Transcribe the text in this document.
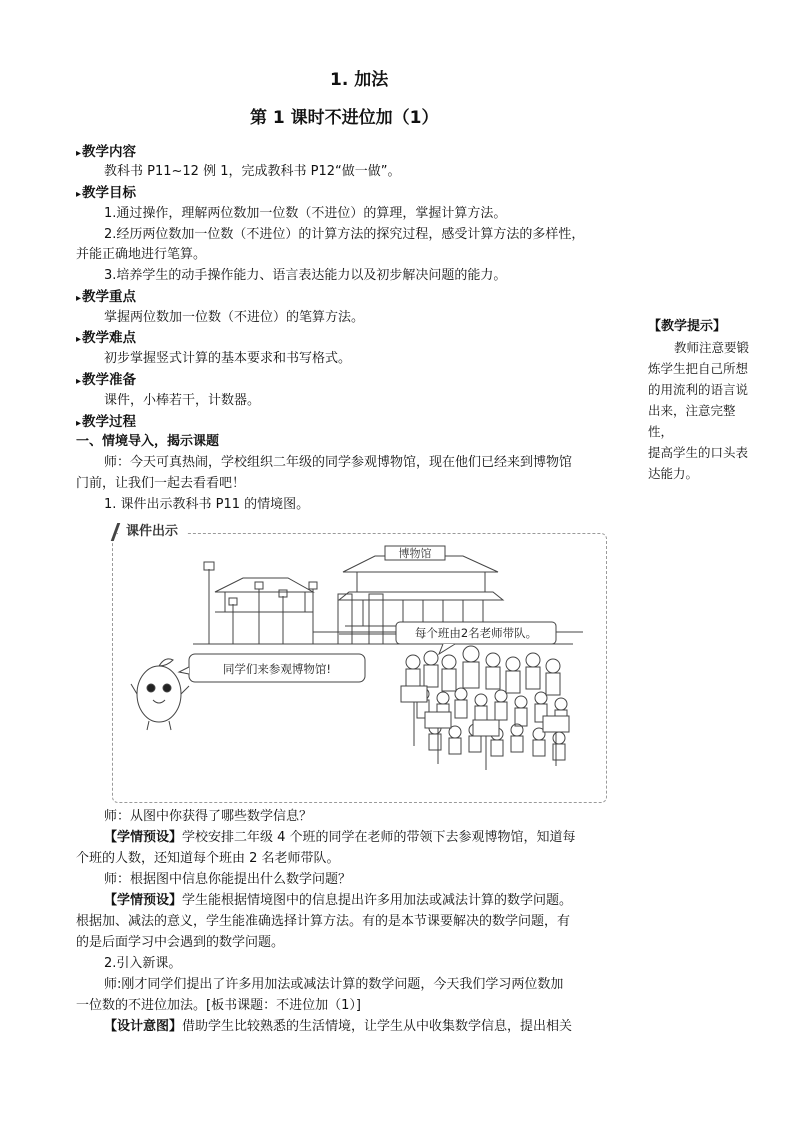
1. 加法
第 1 课时不进位加（1）
▸ 教学内容
教科书 P11~12 例 1，完成教科书 P12“做一做”。
▸ 教学目标
1.通过操作，理解两位数加一位数（不进位）的算理，掌握计算方法。
2.经历两位数加一位数（不进位）的计算方法的探究过程，感受计算方法的多样性，
并能正确地进行笔算。
3.培养学生的动手操作能力、语言表达能力以及初步解决问题的能力。
▸ 教学重点
掌握两位数加一位数（不进位）的笔算方法。
▸ 教学难点
初步掌握竖式计算的基本要求和书写格式。
▸ 教学准备
课件，小棒若干，计数器。
▸ 教学过程
一、情境导入，揭示课题
师：今天可真热闹，学校组织二年级的同学参观博物馆，现在他们已经来到博物馆
门前，让我们一起去看看吧！
1. 课件出示教科书 P11 的情境图。
【教学提示】
教师注意要锻
炼学生把自己所想
的用流利的语言说
出来，注意完整性，
提高学生的口头表
达能力。
课件出示
博物馆
每个班由2名老师带队。
同学们来参观博物馆!
师：从图中你获得了哪些数学信息？
【学情预设】学校安排二年级 4 个班的同学在老师的带领下去参观博物馆，知道每
个班的人数，还知道每个班由 2 名老师带队。
师：根据图中信息你能提出什么数学问题？
【学情预设】学生能根据情境图中的信息提出许多用加法或减法计算的数学问题。
根据加、减法的意义，学生能准确选择计算方法。有的是本节课要解决的数学问题，有
的是后面学习中会遇到的数学问题。
2.引入新课。
师:刚才同学们提出了许多用加法或减法计算的数学问题，今天我们学习两位数加
一位数的不进位加法。[板书课题：不进位加（1）]
【设计意图】借助学生比较熟悉的生活情境，让学生从中收集数学信息，提出相关
